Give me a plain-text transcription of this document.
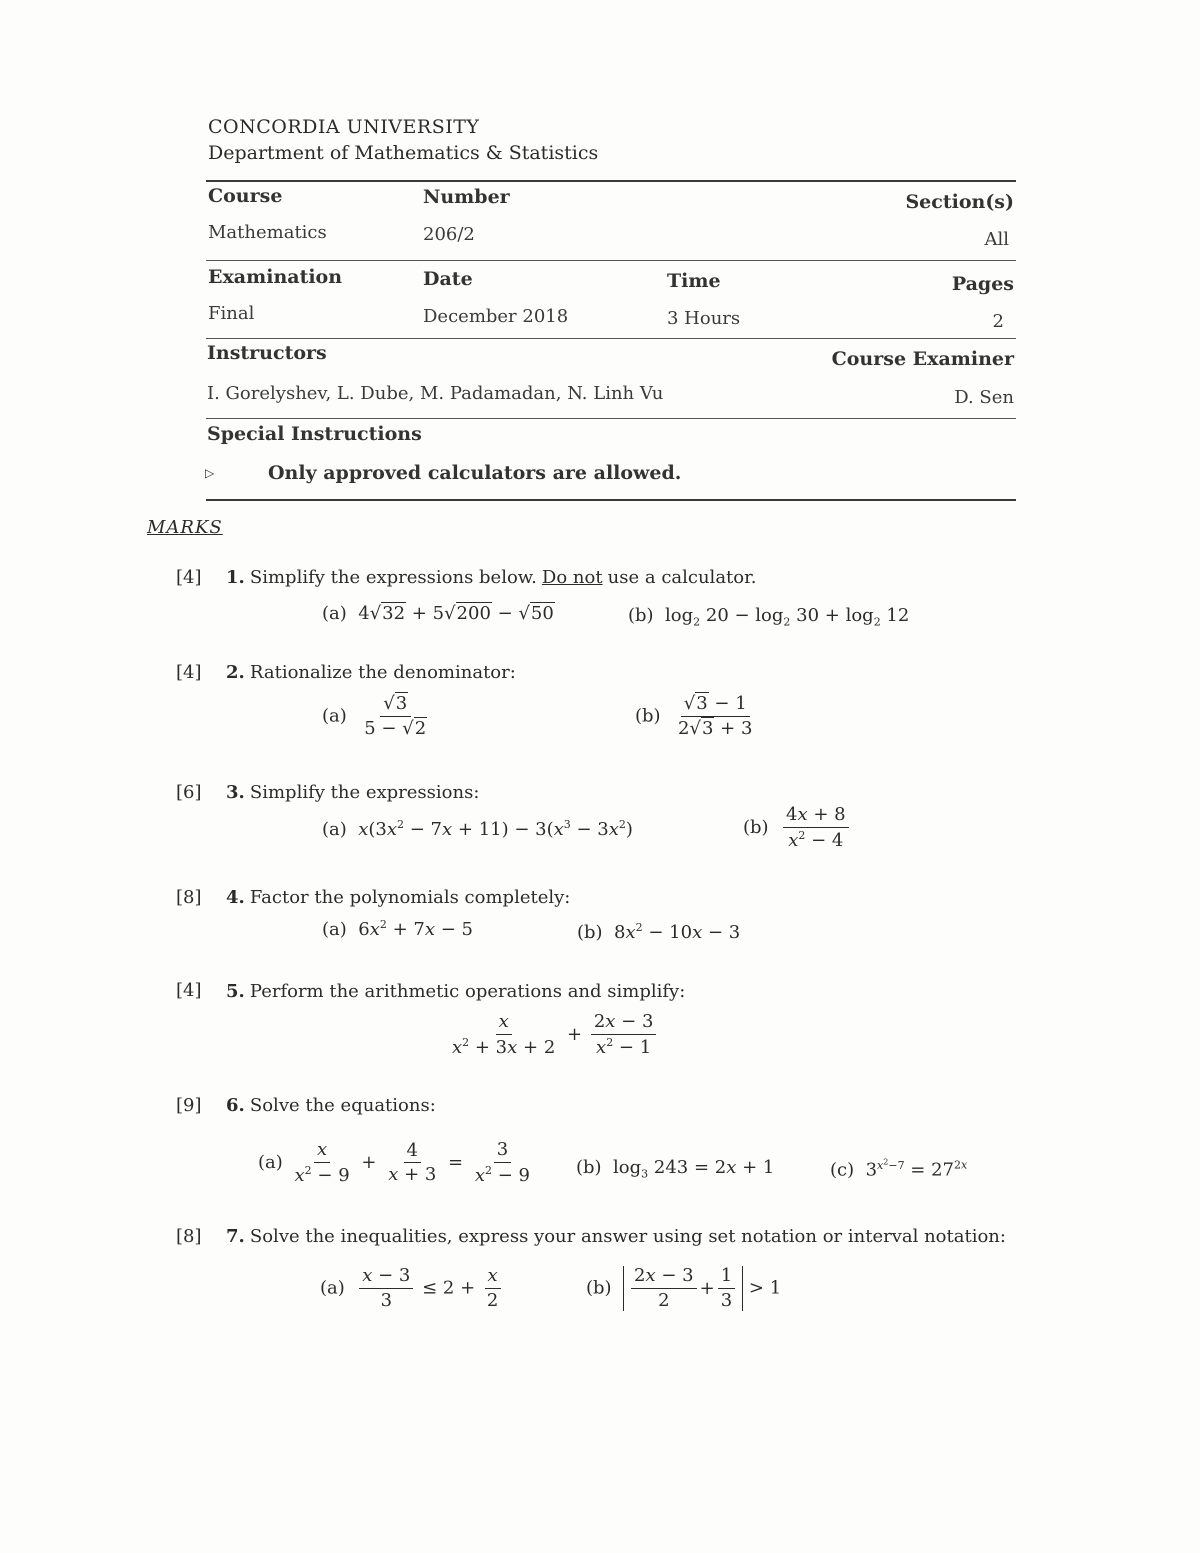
CONCORDIA UNIVERSITY
Department of Mathematics & Statistics
Course	Number	Section(s)
Mathematics	206/2	All
Examination	Date	Time	Pages
Final	December 2018	3 Hours	2
Instructors	Course Examiner
I. Gorelyshev, L. Dube, M. Padamadan, N. Linh Vu	D. Sen
Special Instructions
▷	Only approved calculators are allowed.
MARKS
[4] 1. Simplify the expressions below. Do not use a calculator.
(a)  4√32 + 5√200 − √50	(b)  $\log_2 20 - \log_2 30 + \log_2 12$
[4] 2. Rationalize the denominator:
$(a) \frac{√3}{5 - √2}$	$(b) \frac{√3 - 1}{2√3 + 3}$
[6] 3. Simplify the expressions:
(a) $x(3x^2 - 7x + 11) - 3(x^3 - 3x^2)$	$(b) \frac{4x + 8}{x^2 - 4}$
[8] 4. Factor the polynomials completely:
(a)  $6x^2 + 7x - 5$	(b)  $8x^2 - 10x - 3$
[4] 5. Perform the arithmetic operations and simplify:
$\frac{x}{x^2 + 3x + 2} + \frac{2x - 3}{x^2 - 1}$
[9] 6. Solve the equations:
$(a) \frac{x}{x^2 - 9} + \frac{4}{x + 3} = \frac{3}{x^2 - 9} (b)$  $\log_3 243 = 2x + 1$	(c)  $3^{x^2-7} = 27^{2x}$
[8] 7. Solve the inequalities, express your answer using set notation or interval notation:
$(a) \frac{x - 3}{3} \le 2 + \frac{x}{2}$	$(b) \frac{2x - 3}{2} + \frac{1}{3} > 1$
